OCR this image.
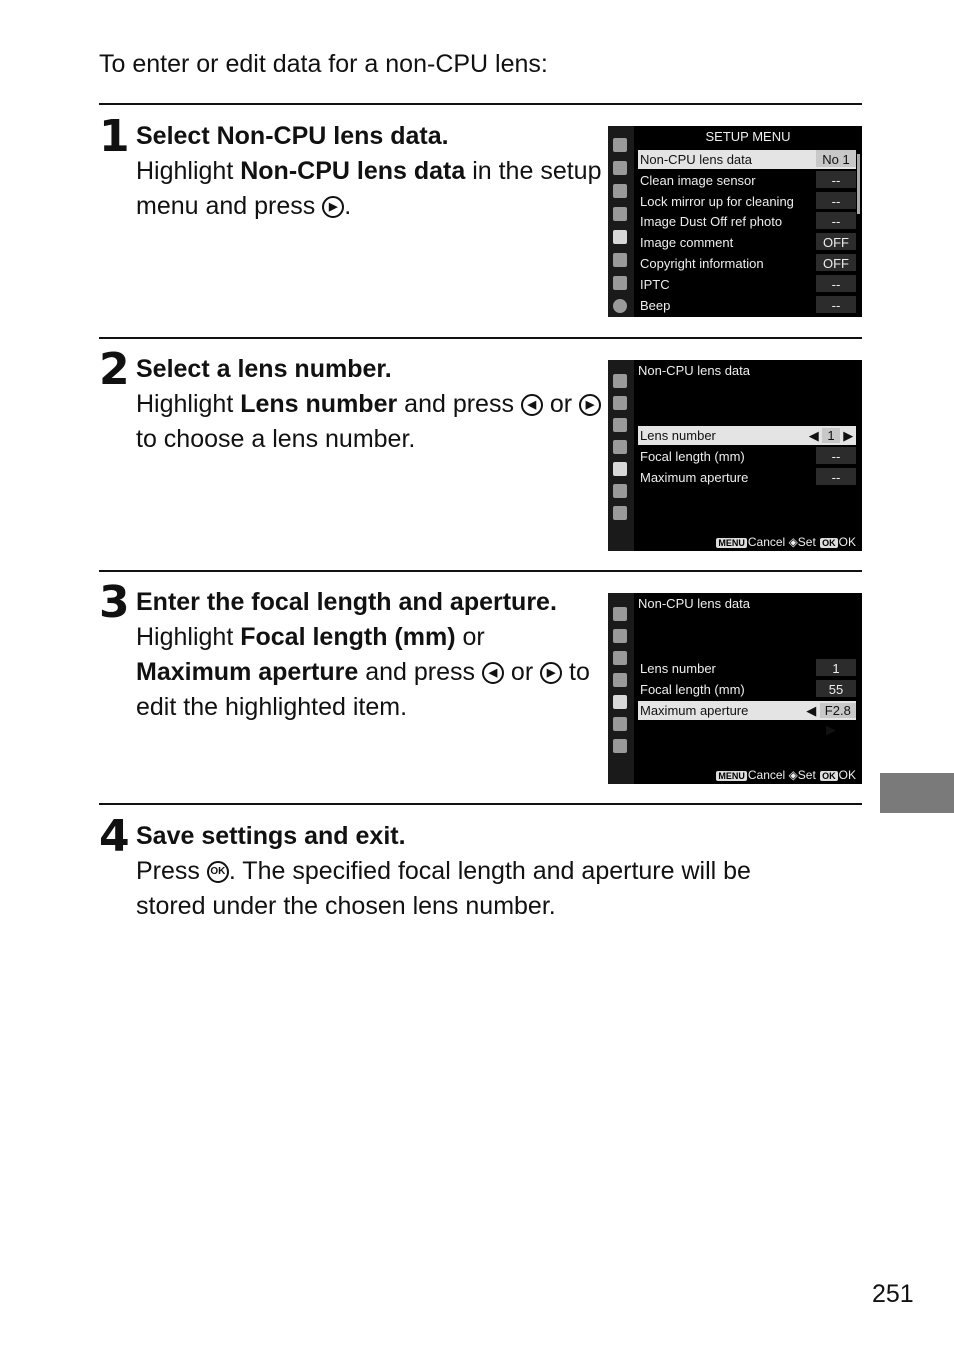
To enter or edit data for a non-CPU lens:
1 Select Non-CPU lens data.
Highlight Non-CPU lens data in the setup menu and press ▶ .
2 Select a lens number.
Highlight Lens number and press ◀ or ▶ to choose a lens number.
3 Enter the focal length and aperture.
Highlight Focal length (mm) or Maximum aperture and press ◀ or ▶ to edit the highlighted item.
4 Save settings and exit.
Press OK . The specified focal length and aperture will be stored under the chosen lens number.
SETUP MENU
Non-CPU lens data	No 1
Clean image sensor	--
Lock mirror up for cleaning	--
Image Dust Off ref photo	--
Image comment	OFF
Copyright information	OFF
IPTC	--
Beep	--
Non-CPU lens data
Lens number	◀ 1 ▶
Focal length (mm)	--
Maximum aperture	--
MENU Cancel ◈Set OK OK
Non-CPU lens data
Lens number	1
Focal length (mm)	55
Maximum aperture	◀ F2.8 ▶
MENU Cancel ◈Set OK OK
251
